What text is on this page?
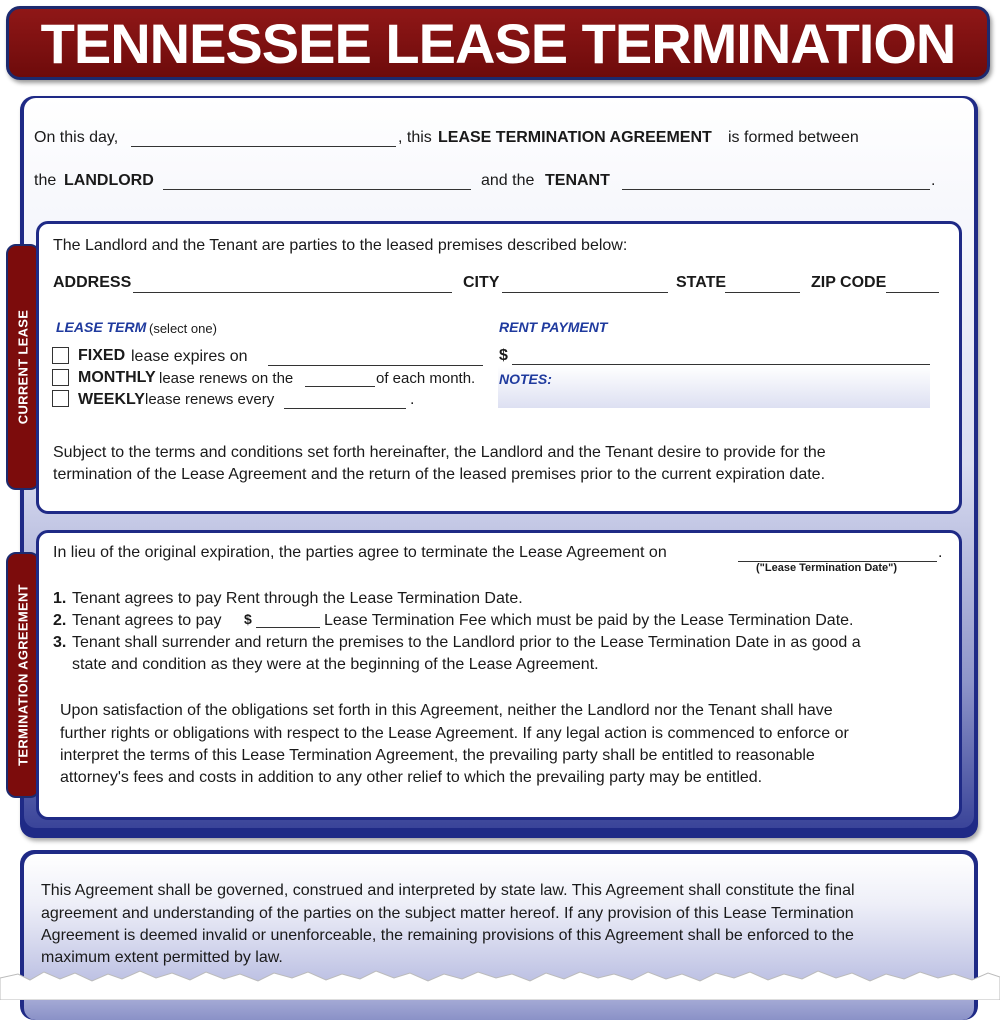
TENNESSEE LEASE TERMINATION
On this day,	, this LEASE TERMINATION AGREEMENT is formed between
the LANDLORD	and the TENANT	.
CURRENT LEASE
The Landlord and the Tenant are parties to the leased premises described below:
ADDRESS	CITY	STATE	ZIP CODE
LEASE TERM (select one)
FIXED lease expires on
MONTHLY lease renews on the	of each month.
WEEKLY lease renews every	.
RENT PAYMENT
$
NOTES:
Subject to the terms and conditions set forth hereinafter, the Landlord and the Tenant desire to provide for the
termination of the Lease Agreement and the return of the leased premises prior to the current expiration date.
TERMINATION AGREEMENT
In lieu of the original expiration, the parties agree to terminate the Lease Agreement on	.
("Lease Termination Date")
1. Tenant agrees to pay Rent through the Lease Termination Date.
2. Tenant agrees to pay $	Lease Termination Fee which must be paid by the Lease Termination Date.
3. Tenant shall surrender and return the premises to the Landlord prior to the Lease Termination Date in as good a
state and condition as they were at the beginning of the Lease Agreement.
Upon satisfaction of the obligations set forth in this Agreement, neither the Landlord nor the Tenant shall have
further rights or obligations with respect to the Lease Agreement. If any legal action is commenced to enforce or
interpret the terms of this Lease Termination Agreement, the prevailing party shall be entitled to reasonable
attorney's fees and costs in addition to any other relief to which the prevailing party may be entitled.
This Agreement shall be governed, construed and interpreted by state law. This Agreement shall constitute the final
agreement and understanding of the parties on the subject matter hereof. If any provision of this Lease Termination
Agreement is deemed invalid or unenforceable, the remaining provisions of this Agreement shall be enforced to the
maximum extent permitted by law.
